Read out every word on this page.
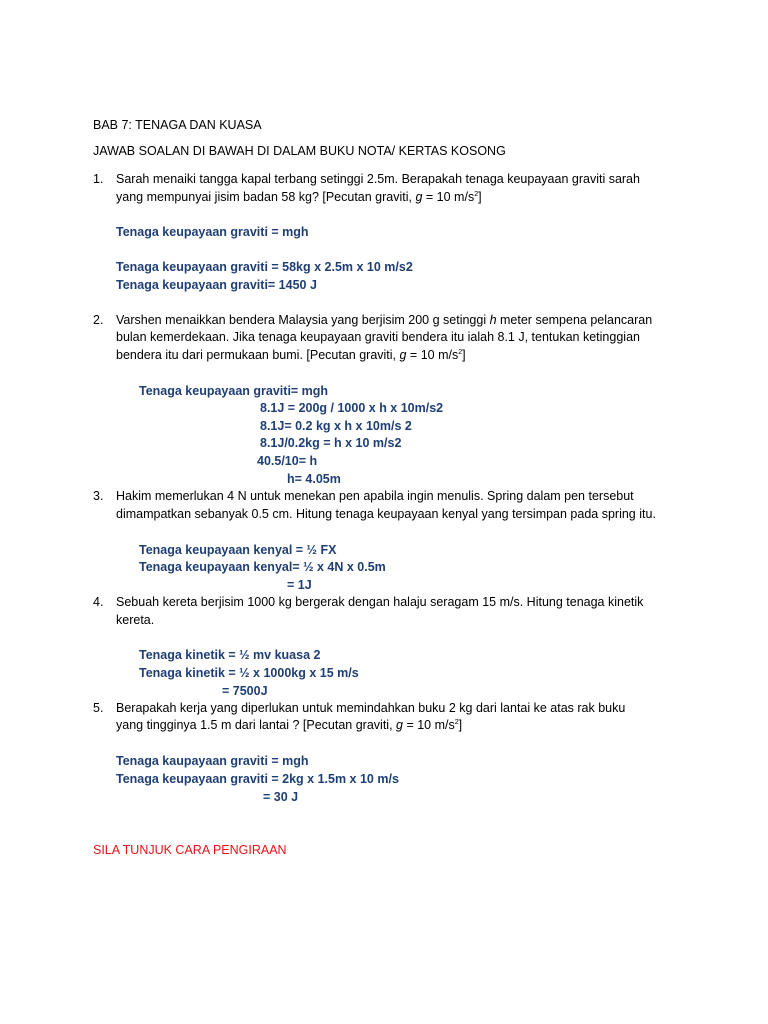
BAB 7: TENAGA DAN KUASA
JAWAB SOALAN DI BAWAH DI DALAM BUKU NOTA/ KERTAS KOSONG
1. Sarah menaiki tangga kapal terbang setinggi 2.5m. Berapakah tenaga keupayaan graviti sarah
yang mempunyai jisim badan 58 kg? [Pecutan graviti, g = 10 $m/s^2$]
Tenaga keupayaan graviti = mgh
Tenaga keupayaan graviti = 58kg x 2.5m x 10 m/s2
Tenaga keupayaan graviti= 1450 J
2. Varshen menaikkan bendera Malaysia yang berjisim 200 g setinggi h meter sempena pelancaran
bulan kemerdekaan. Jika tenaga keupayaan graviti bendera itu ialah 8.1 J, tentukan ketinggian
bendera itu dari permukaan bumi. [Pecutan graviti, g = 10 $m/s^2$]
Tenaga keupayaan graviti= mgh
8.1J = 200g / 1000 x h x 10m/s2
8.1J= 0.2 kg x h x 10m/s 2
8.1J/0.2kg = h x 10 m/s2
40.5/10= h
h= 4.05m
3. Hakim memerlukan 4 N untuk menekan pen apabila ingin menulis. Spring dalam pen tersebut
dimampatkan sebanyak 0.5 cm. Hitung tenaga keupayaan kenyal yang tersimpan pada spring itu.
Tenaga keupayaan kenyal = ½ FX
Tenaga keupayaan kenyal= ½ x 4N x 0.5m
= 1J
4. Sebuah kereta berjisim 1000 kg bergerak dengan halaju seragam 15 m/s. Hitung tenaga kinetik
kereta.
Tenaga kinetik = ½ mv kuasa 2
Tenaga kinetik = ½ x 1000kg x 15 m/s
= 7500J
5. Berapakah kerja yang diperlukan untuk memindahkan buku 2 kg dari lantai ke atas rak buku
yang tingginya 1.5 m dari lantai ? [Pecutan graviti, g = 10 $m/s^2$]
Tenaga kaupayaan graviti = mgh
Tenaga keupayaan graviti = 2kg x 1.5m x 10 m/s
= 30 J
SILA TUNJUK CARA PENGIRAAN
